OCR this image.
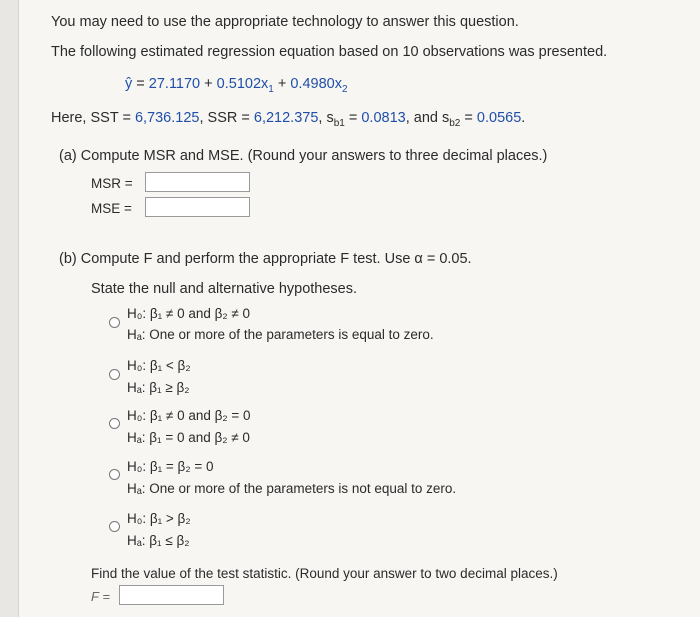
You may need to use the appropriate technology to answer this question.
The following estimated regression equation based on 10 observations was presented.
ŷ = $27.1170 + 0.5102x_1 + 0.4980x_2$
Here, SST = 6,736.125, SSR = 6,212.375, $s_{b1} = 0.0813$, and $s_{b2} = 0.0565$.
(a) Compute MSR and MSE. (Round your answers to three decimal places.)
MSR =
MSE =
(b) Compute F and perform the appropriate F test. Use α = 0.05.
State the null and alternative hypotheses.
H₀: β₁ ≠ 0 and β₂ ≠ 0
Hₐ: One or more of the parameters is equal to zero.
H₀: β₁ < β₂
Hₐ: β₁ ≥ β₂
H₀: β₁ ≠ 0 and β₂ = 0
Hₐ: β₁ = 0 and β₂ ≠ 0
H₀: β₁ = β₂ = 0
Hₐ: One or more of the parameters is not equal to zero.
H₀: β₁ > β₂
Hₐ: β₁ ≤ β₂
Find the value of the test statistic. (Round your answer to two decimal places.)
F =
